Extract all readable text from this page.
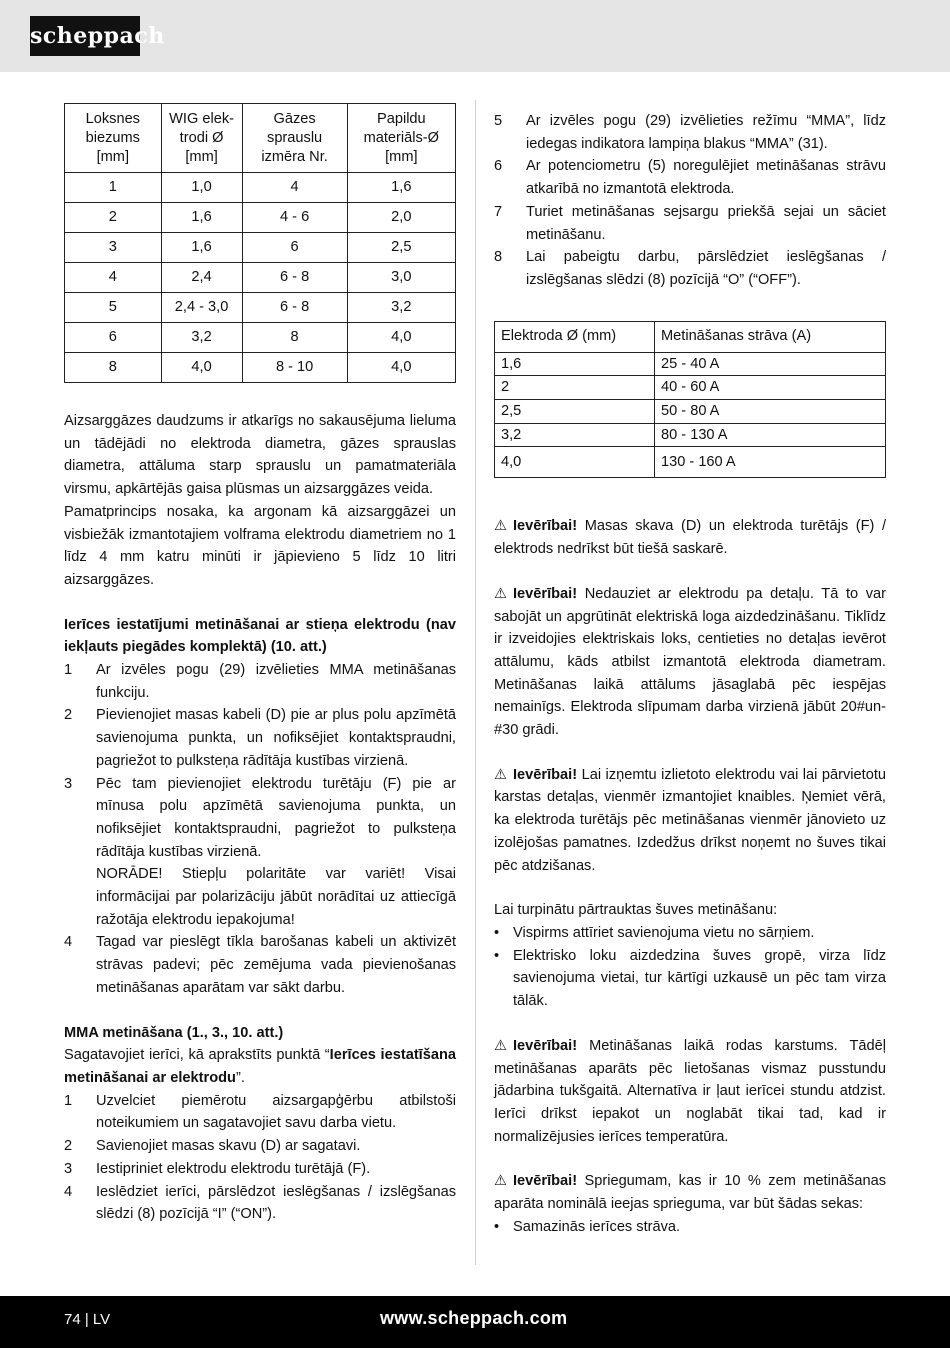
scheppach
Loksnes biezums [mm]	WIG elek-trodi Ø [mm]	Gāzes sprauslu izmēra Nr.	Papildu materiāls-Ø [mm]
1	1,0	4	1,6
2	1,6	4 - 6	2,0
3	1,6	6	2,5
4	2,4	6 - 8	3,0
5	2,4 - 3,0	6 - 8	3,2
6	3,2	8	4,0
8	4,0	8 - 10	4,0

Aizsarggāzes daudzums ir atkarīgs no sakausējuma lieluma un tādējādi no elektroda diametra, gāzes sprauslas diametra, attāluma starp sprauslu un pamatmateriāla virsmu, apkārtējās gaisa plūsmas un aizsarggāzes veida.

Pamatprincips nosaka, ka argonam kā aizsarggāzei un visbiežāk izmantotajiem volframa elektrodu diametriem no 1 līdz 4 mm katru minūti ir jāpievieno 5 līdz 10 litri aizsarggāzes.

Ierīces iestatījumi metināšanai ar stieņa elektrodu (nav iekļauts piegādes komplektā) (10. att.)

1	Ar izvēles pogu (29) izvēlieties MMA metināšanas funkciju.
2	Pievienojiet masas kabeli (D) pie ar plus polu apzīmētā savienojuma punkta, un nofiksējiet kontaktspraudni, pagriežot to pulksteņa rādītāja kustības virzienā.
3	Pēc tam pievienojiet elektrodu turētāju (F) pie ar mīnusa polu apzīmētā savienojuma punkta, un nofiksējiet kontaktspraudni, pagriežot to pulksteņa rādītāja kustības virzienā.
NORĀDE! Stiepļu polaritāte var variēt! Visai informācijai par polarizāciju jābūt norādītai uz attiecīgā ražotāja elektrodu iepakojuma!
4	Tagad var pieslēgt tīkla barošanas kabeli un aktivizēt strāvas padevi; pēc zemējuma vada pievienošanas metināšanas aparātam var sākt darbu.

MMA metināšana (1., 3., 10. att.)

Sagatavojiet ierīci, kā aprakstīts punktā “Ierīces iestatīšana metināšanai ar elektrodu”.

1	Uzvelciet piemērotu aizsargapģērbu atbilstoši noteikumiem un sagatavojiet savu darba vietu.
2	Savienojiet masas skavu (D) ar sagatavi.
3	Iestipriniet elektrodu elektrodu turētājā (F).
4	Ieslēdziet ierīci, pārslēdzot ieslēgšanas / izslēgšanas slēdzi (8) pozīcijā “I” (“ON”).
5	Ar izvēles pogu (29) izvēlieties režīmu “MMA”, līdz iedegas indikatora lampiņa blakus “MMA” (31).
6	Ar potenciometru (5) noregulējiet metināšanas strāvu atkarībā no izmantotā elektroda.
7	Turiet metināšanas sejsargu priekšā sejai un sāciet metināšanu.
8	Lai pabeigtu darbu, pārslēdziet ieslēgšanas / izslēgšanas slēdzi (8) pozīcijā “O” (“OFF”).
Elektroda Ø (mm)	Metināšanas strāva (A)
1,6	25 - 40 A
2	40 - 60 A
2,5	50 - 80 A
3,2	80 - 130 A
4,0	130 - 160 A

⚠ Ievērībai! Masas skava (D) un elektroda turētājs (F) / elektrods nedrīkst būt tiešā saskarē.

⚠ Ievērībai! Nedauziet ar elektrodu pa detaļu. Tā to var sabojāt un apgrūtināt elektriskā loga aizdedzināšanu. Tiklīdz ir izveidojies elektriskais loks, centieties no detaļas ievērot attālumu, kāds atbilst izmantotā elektroda diametram. Metināšanas laikā attālums jāsaglabā pēc iespējas nemainīgs. Elektroda slīpumam darba virzienā jābūt 20#un-#30 grādi.

⚠ Ievērībai! Lai izņemtu izlietoto elektrodu vai lai pārvietotu karstas detaļas, vienmēr izmantojiet knaibles. Ņemiet vērā, ka elektroda turētājs pēc metināšanas vienmēr jānovieto uz izolējošas pamatnes. Izdedžus drīkst noņemt no šuves tikai pēc atdzišanas.

Lai turpinātu pārtrauktas šuves metināšanu:

• Vispirms attīriet savienojuma vietu no sārņiem.
• Elektrisko loku aizdedzina šuves gropē, virza līdz savienojuma vietai, tur kārtīgi uzkausē un pēc tam virza tālāk.

⚠ Ievērībai! Metināšanas laikā rodas karstums. Tādēļ metināšanas aparāts pēc lietošanas vismaz pusstundu jādarbina tukšgaitā. Alternatīva ir ļaut ierīcei stundu atdzist. Ierīci drīkst iepakot un noglabāt tikai tad, kad ir normalizējusies ierīces temperatūra.

⚠ Ievērībai! Spriegumam, kas ir 10 % zem metināšanas aparāta nominālā ieejas sprieguma, var būt šādas sekas:

• Samazinās ierīces strāva.
74 | LV	www.scheppach.com
